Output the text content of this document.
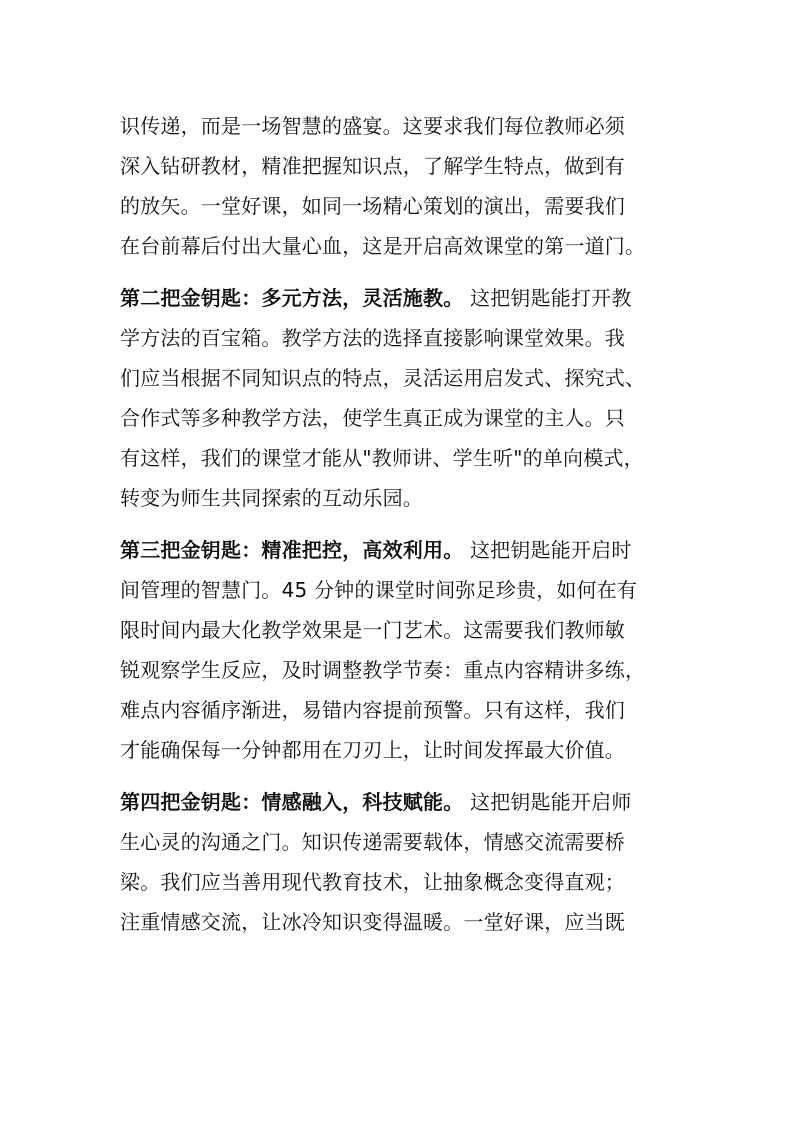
识传递，而是一场智慧的盛宴。这要求我们每位教师必须
深入钻研教材，精准把握知识点，了解学生特点，做到有
的放矢。一堂好课，如同一场精心策划的演出，需要我们
在台前幕后付出大量心血，这是开启高效课堂的第一道门。
第二把金钥匙：多元方法，灵活施教。 这把钥匙能打开教
学方法的百宝箱。教学方法的选择直接影响课堂效果。我
们应当根据不同知识点的特点，灵活运用启发式、探究式、
合作式等多种教学方法，使学生真正成为课堂的主人。只
有这样，我们的课堂才能从"教师讲、学生听"的单向模式，
转变为师生共同探索的互动乐园。
第三把金钥匙：精准把控，高效利用。 这把钥匙能开启时
间管理的智慧门。45 分钟的课堂时间弥足珍贵，如何在有
限时间内最大化教学效果是一门艺术。这需要我们教师敏
锐观察学生反应，及时调整教学节奏：重点内容精讲多练，
难点内容循序渐进，易错内容提前预警。只有这样，我们
才能确保每一分钟都用在刀刃上，让时间发挥最大价值。
第四把金钥匙：情感融入，科技赋能。 这把钥匙能开启师
生心灵的沟通之门。知识传递需要载体，情感交流需要桥
梁。我们应当善用现代教育技术，让抽象概念变得直观；
注重情感交流，让冰冷知识变得温暖。一堂好课，应当既
